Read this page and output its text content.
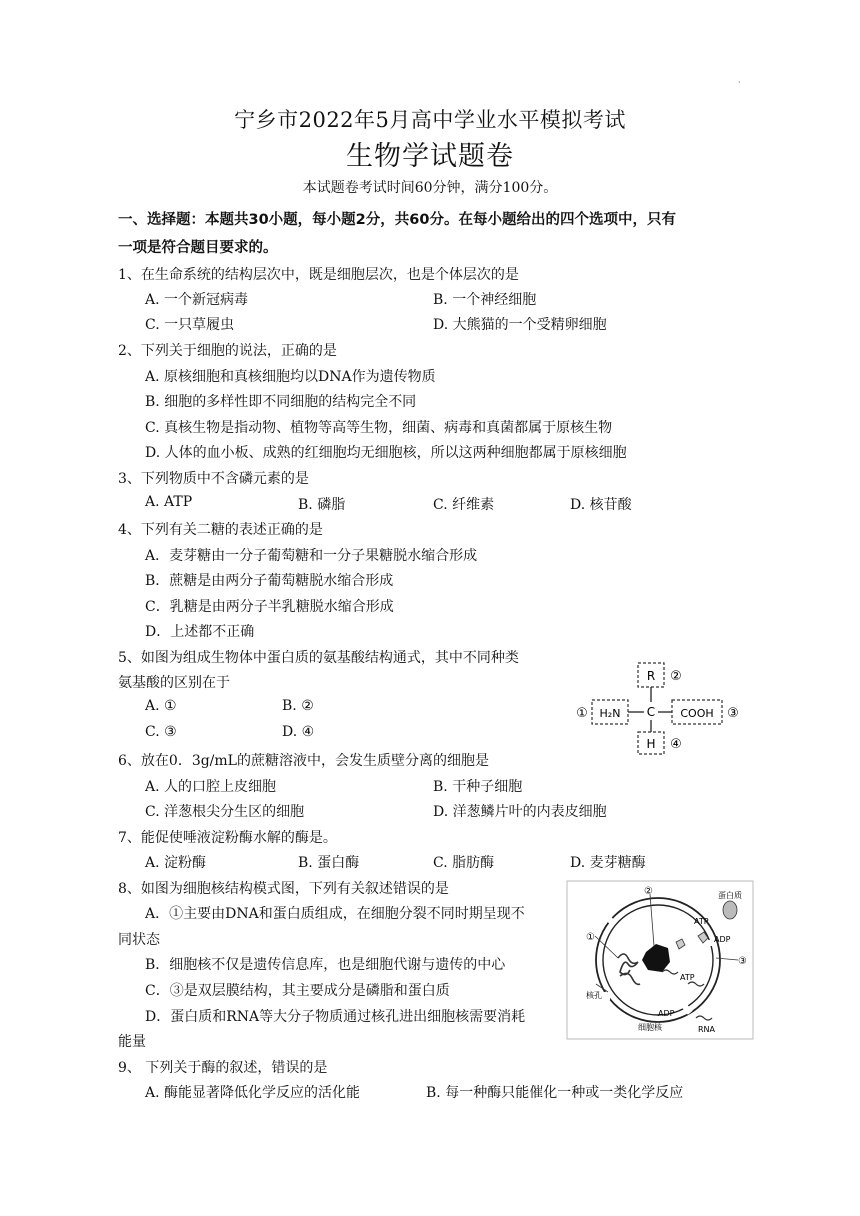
·
宁乡市2022年5月高中学业水平模拟考试
生物学试题卷
本试题卷考试时间60分钟，满分100分。
一、选择题：本题共30小题，每小题2分，共60分。在每小题给出的四个选项中，只有
一项是符合题目要求的。
1、在生命系统的结构层次中，既是细胞层次，也是个体层次的是
A. 一个新冠病毒	B. 一个神经细胞
C. 一只草履虫	D. 大熊猫的一个受精卵细胞
2、下列关于细胞的说法，正确的是
A. 原核细胞和真核细胞均以DNA作为遗传物质
B. 细胞的多样性即不同细胞的结构完全不同
C. 真核生物是指动物、植物等高等生物，细菌、病毒和真菌都属于原核生物
D. 人体的血小板、成熟的红细胞均无细胞核，所以这两种细胞都属于原核细胞
3、下列物质中不含磷元素的是
A. ATP	B. 磷脂	C. 纤维素	D. 核苷酸
4、下列有关二糖的表述正确的是
A．麦芽糖由一分子葡萄糖和一分子果糖脱水缩合形成
B．蔗糖是由两分子葡萄糖脱水缩合形成
C．乳糖是由两分子半乳糖脱水缩合形成
D．上述都不正确
5、如图为组成生物体中蛋白质的氨基酸结构通式，其中不同种类
氨基酸的区别在于
A. ①	B. ②
C. ③	D. ④
R ②
C
H₂N
①	COOH ③
H ④
6、放在0．3g/mL的蔗糖溶液中，会发生质壁分离的细胞是
A. 人的口腔上皮细胞	B. 干种子细胞
C. 洋葱根尖分生区的细胞	D. 洋葱鳞片叶的内表皮细胞
7、能促使唾液淀粉酶水解的酶是。
A. 淀粉酶	B. 蛋白酶	C. 脂肪酶	D. 麦芽糖酶
8、如图为细胞核结构模式图，下列有关叙述错误的是
A．①主要由DNA和蛋白质组成，在细胞分裂不同时期呈现不
同状态
B．细胞核不仅是遗传信息库，也是细胞代谢与遗传的中心
C．③是双层膜结构，其主要成分是磷脂和蛋白质
D．蛋白质和RNA等大分子物质通过核孔进出细胞核需要消耗
能量
蛋白质
ATP
ADP
ATP
ADP
核孔
细胞核	RNA
①
②
③
9、 下列关于酶的叙述，错误的是
A. 酶能显著降低化学反应的活化能	B. 每一种酶只能催化一种或一类化学反应
